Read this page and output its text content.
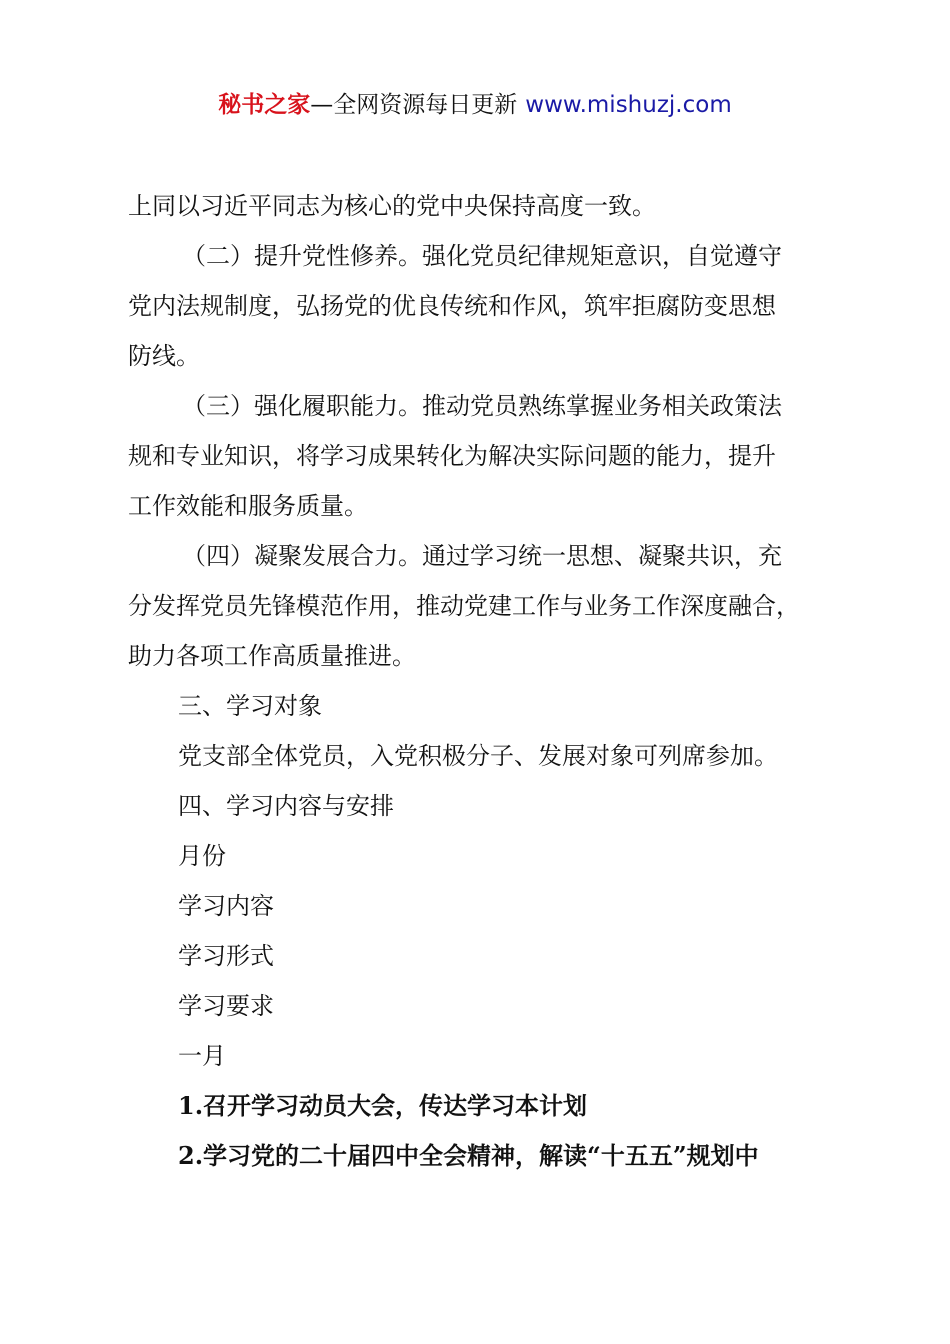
秘书之家—全网资源每日更新 www.mishuzj.com
上同以习近平同志为核心的党中央保持高度一致。
（二）提升党性修养。强化党员纪律规矩意识，自觉遵守
党内法规制度，弘扬党的优良传统和作风，筑牢拒腐防变思想
防线。
（三）强化履职能力。推动党员熟练掌握业务相关政策法
规和专业知识，将学习成果转化为解决实际问题的能力，提升
工作效能和服务质量。
（四）凝聚发展合力。通过学习统一思想、凝聚共识，充
分发挥党员先锋模范作用，推动党建工作与业务工作深度融合，
助力各项工作高质量推进。
三、学习对象
党支部全体党员，入党积极分子、发展对象可列席参加。
四、学习内容与安排
月份
学习内容
学习形式
学习要求
一月
1.召开学习动员大会，传达学习本计划
2.学习党的二十届四中全会精神，解读“十五五”规划中
